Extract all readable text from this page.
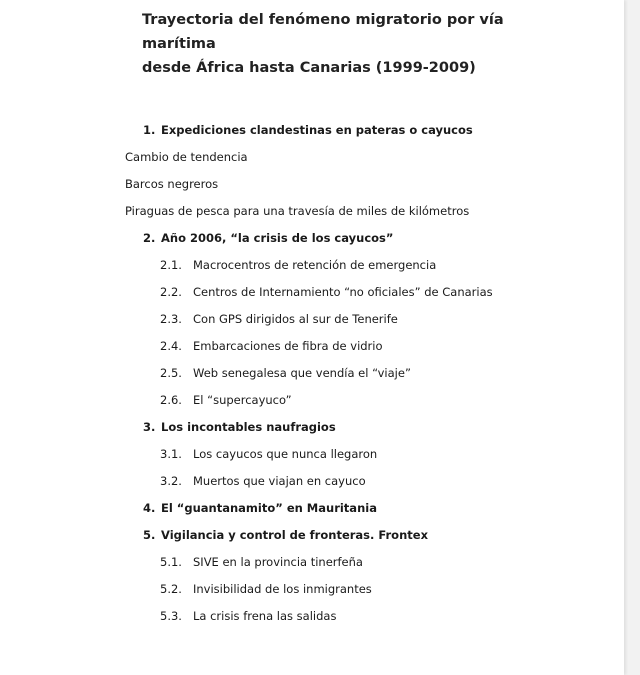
Trayectoria del fenómeno migratorio por vía marítima
desde África hasta Canarias (1999-2009)
1. Expediciones clandestinas en pateras o cayucos
Cambio de tendencia
Barcos negreros
Piraguas de pesca para una travesía de miles de kilómetros
2. Año 2006, “la crisis de los cayucos”
2.1. Macrocentros de retención de emergencia
2.2. Centros de Internamiento “no oficiales” de Canarias
2.3. Con GPS dirigidos al sur de Tenerife
2.4. Embarcaciones de fibra de vidrio
2.5. Web senegalesa que vendía el “viaje”
2.6. El “supercayuco”
3. Los incontables naufragios
3.1. Los cayucos que nunca llegaron
3.2. Muertos que viajan en cayuco
4. El “guantanamito” en Mauritania
5. Vigilancia y control de fronteras. Frontex
5.1. SIVE en la provincia tinerfeña
5.2. Invisibilidad de los inmigrantes
5.3. La crisis frena las salidas
